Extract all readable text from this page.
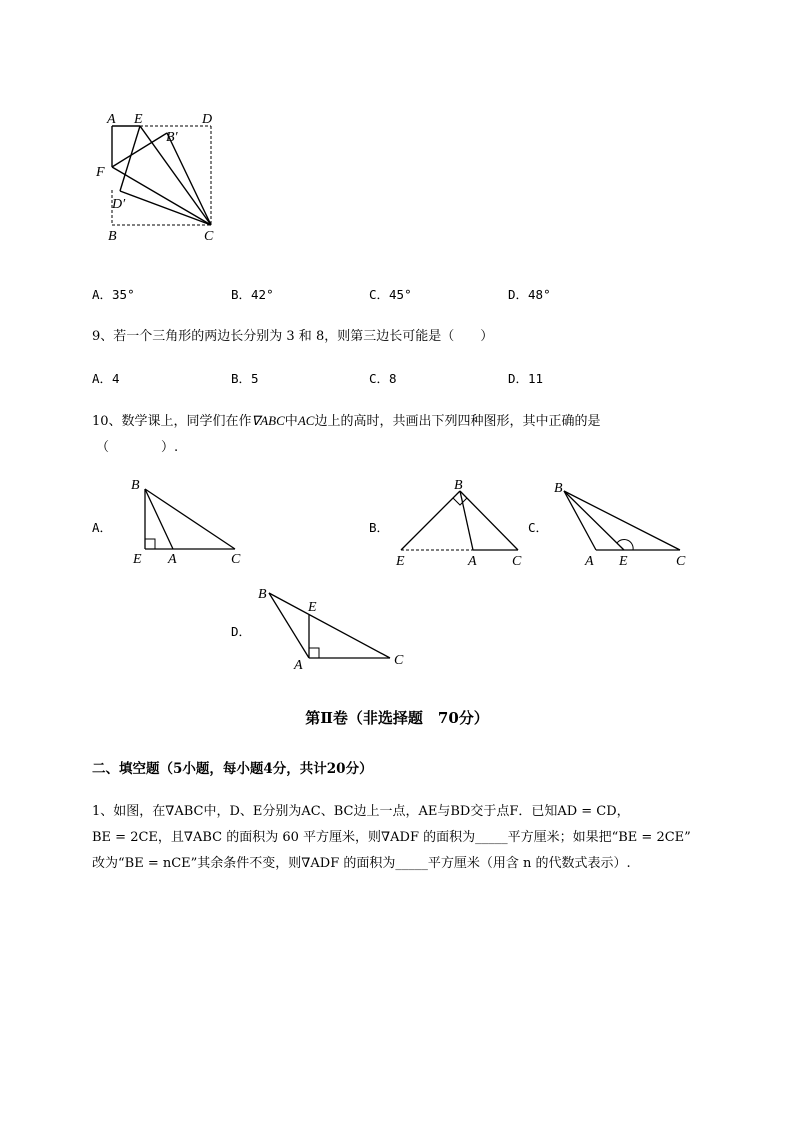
A E	D
B′
F
D′
B	C
A．35°	B．42°	C．45°	D．48°
9、若一个三角形的两边长分别为 3 和 8，则第三边长可能是（　　）
A．4	B．5	C．8	D．11
10、数学课上，同学们在作∇ABC中AC边上的高时，共画出下列四种图形，其中正确的是
（　　　　）.
A．	B．	C．
D．
B
E A	C
B
E	A	C
B
A E	C
B
E
A	C
第Ⅱ卷（非选择题　70分）
二、填空题（5小题，每小题4分，共计20分）
1、如图，在∇ABC中，D、E分别为AC、BC边上一点，AE与BD交于点F．已知AD = CD，
BE = 2CE，且∇ABC 的面积为 60 平方厘米，则∇ADF 的面积为_____平方厘米；如果把“BE = 2CE”
改为“BE = nCE”其余条件不变，则∇ADF 的面积为_____平方厘米（用含 n 的代数式表示）.
